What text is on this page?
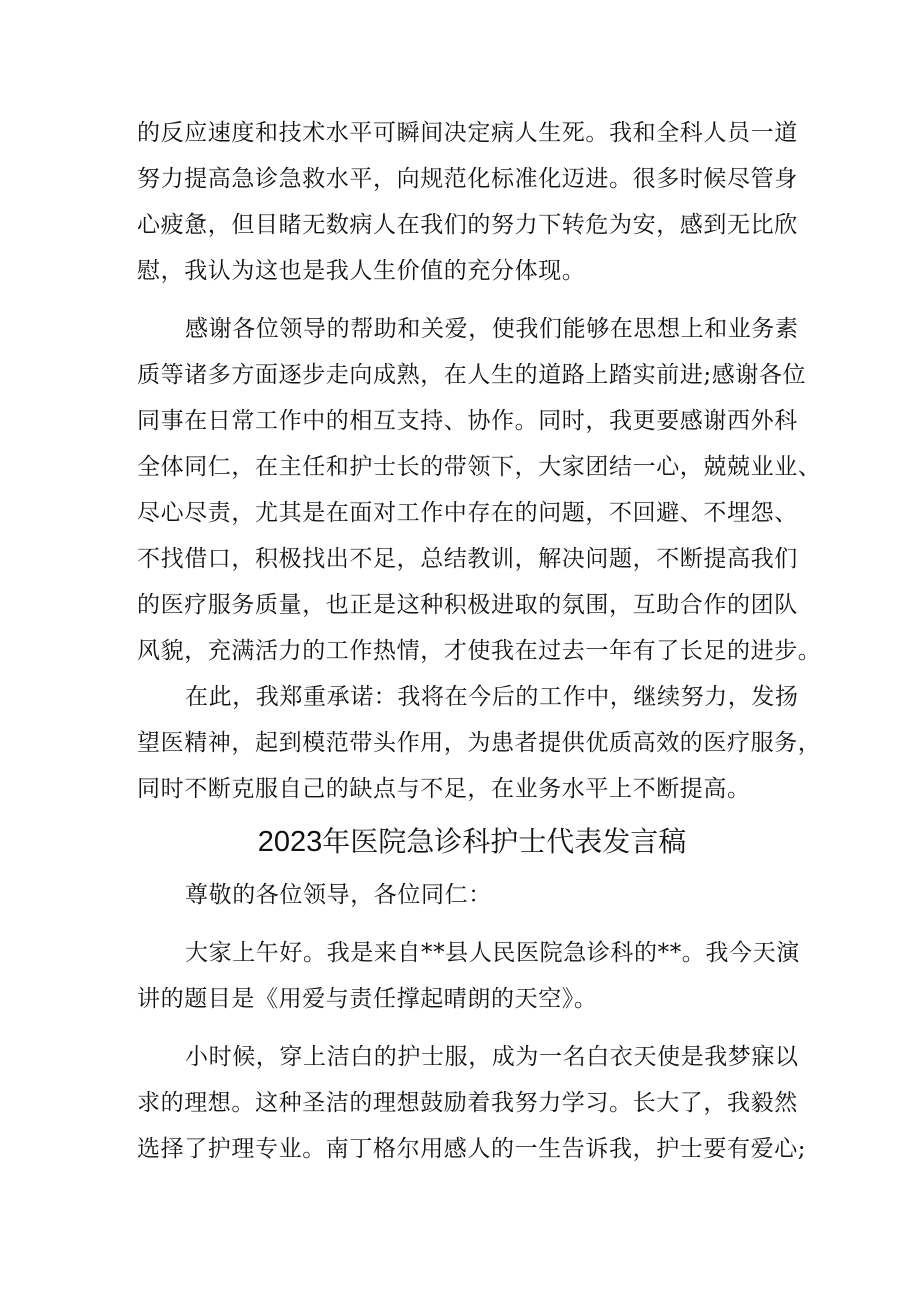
的反应速度和技术水平可瞬间决定病人生死。我和全科人员一道
努力提高急诊急救水平，向规范化标准化迈进。很多时候尽管身
心疲惫，但目睹无数病人在我们的努力下转危为安，感到无比欣
慰，我认为这也是我人生价值的充分体现。
感谢各位领导的帮助和关爱，使我们能够在思想上和业务素
质等诸多方面逐步走向成熟，在人生的道路上踏实前进;感谢各位
同事在日常工作中的相互支持、协作。同时，我更要感谢西外科
全体同仁，在主任和护士长的带领下，大家团结一心，兢兢业业、
尽心尽责，尤其是在面对工作中存在的问题，不回避、不埋怨、
不找借口，积极找出不足，总结教训，解决问题，不断提高我们
的医疗服务质量，也正是这种积极进取的氛围，互助合作的团队
风貌，充满活力的工作热情，才使我在过去一年有了长足的进步。
在此，我郑重承诺：我将在今后的工作中，继续努力，发扬
望医精神，起到模范带头作用，为患者提供优质高效的医疗服务，
同时不断克服自己的缺点与不足，在业务水平上不断提高。
2023年医院急诊科护士代表发言稿
尊敬的各位领导，各位同仁：
大家上午好。我是来自**县人民医院急诊科的**。我今天演
讲的题目是《用爱与责任撑起晴朗的天空》。
小时候，穿上洁白的护士服，成为一名白衣天使是我梦寐以
求的理想。这种圣洁的理想鼓励着我努力学习。长大了，我毅然
选择了护理专业。南丁格尔用感人的一生告诉我，护士要有爱心;
